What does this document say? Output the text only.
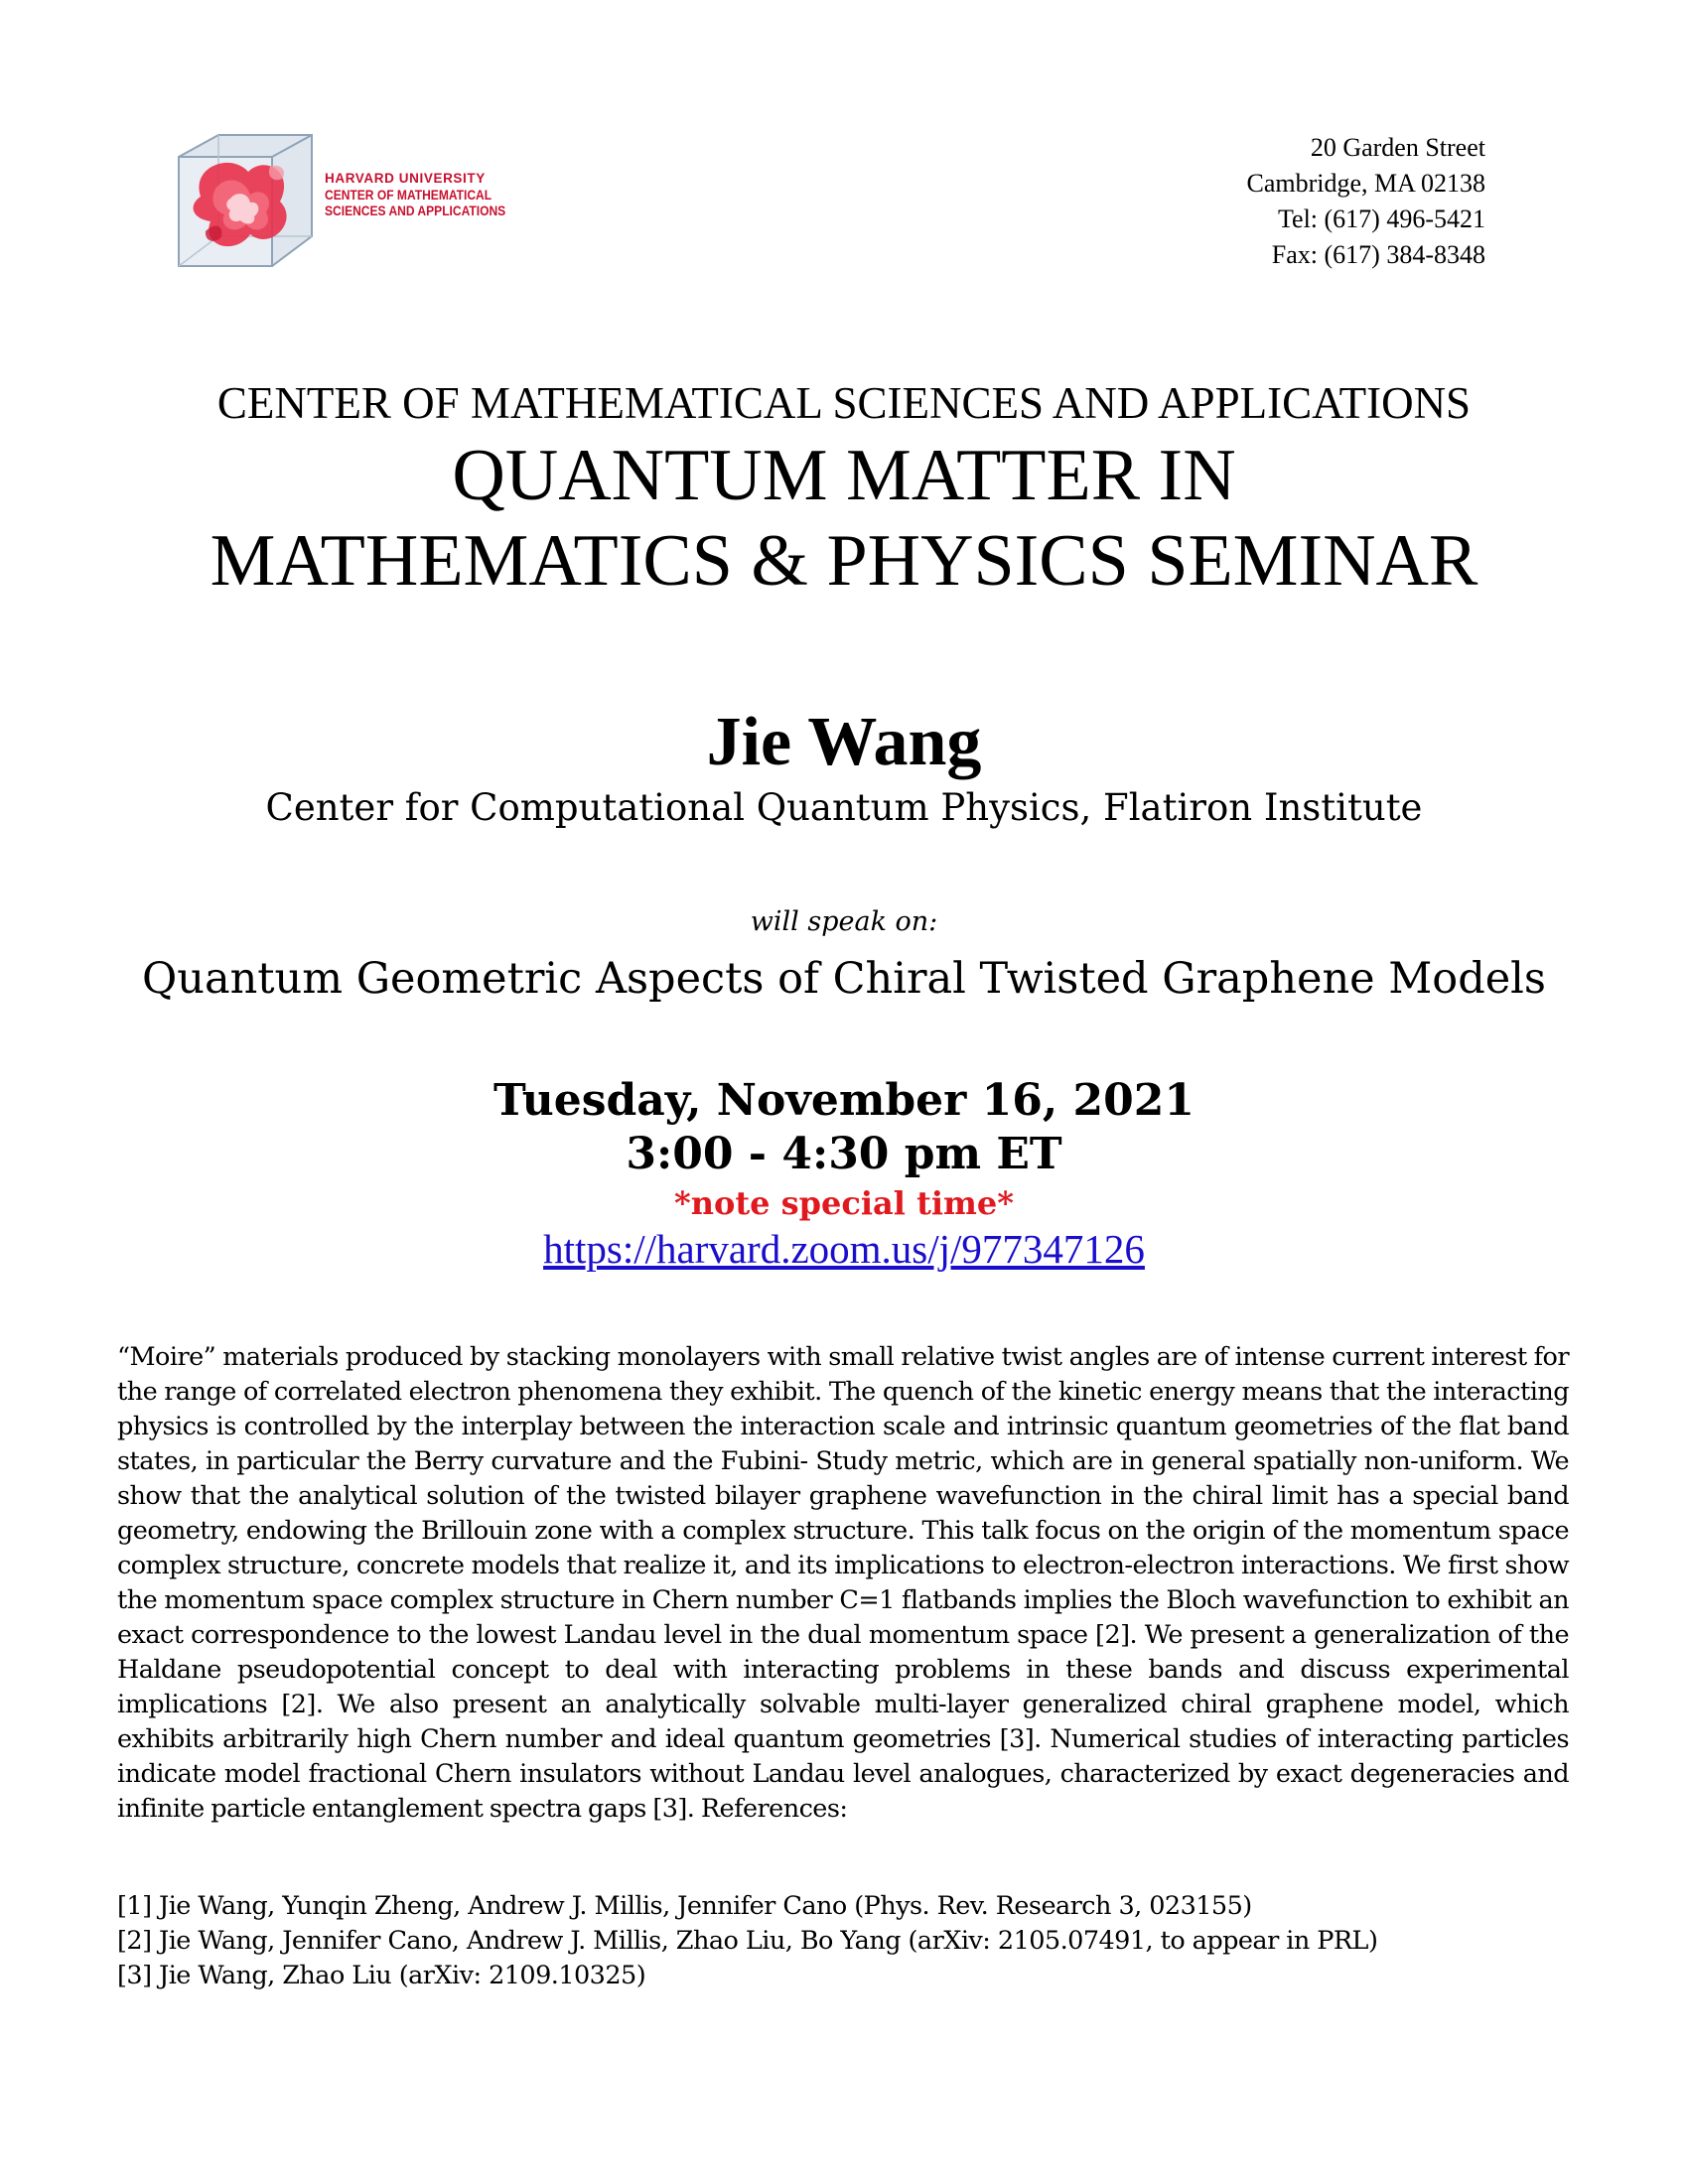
HARVARD UNIVERSITY
CENTER OF MATHEMATICAL
SCIENCES AND APPLICATIONS
20 Garden Street
Cambridge, MA 02138
Tel: (617) 496-5421
Fax: (617) 384-8348
CENTER OF MATHEMATICAL SCIENCES AND APPLICATIONS
QUANTUM MATTER IN
MATHEMATICS & PHYSICS SEMINAR
Jie Wang
Center for Computational Quantum Physics, Flatiron Institute
will speak on:
Quantum Geometric Aspects of Chiral Twisted Graphene Models
Tuesday, November 16, 2021
3:00 - 4:30 pm ET
*note special time*
https://harvard.zoom.us/j/977347126
“Moire” materials produced by stacking monolayers with small relative twist angles are of intense current interest for the range of correlated electron phenomena they exhibit. The quench of the kinetic energy means that the interacting physics is controlled by the interplay between the interaction scale and intrinsic quantum geometries of the flat band states, in particular the Berry curvature and the Fubini- Study metric, which are in general spatially non-uniform. We show that the analytical solution of the twisted bilayer graphene wavefunction in the chiral limit has a special band geometry, endowing the Brillouin zone with a complex structure. This talk focus on the origin of the momentum space complex structure, concrete models that realize it, and its implications to electron-electron interactions. We first show the momentum space complex structure in Chern number C=1 flatbands implies the Bloch wavefunction to exhibit an exact correspondence to the lowest Landau level in the dual momentum space [2]. We present a generalization of the Haldane pseudopotential concept to deal with interacting problems in these bands and discuss experimental implications [2]. We also present an analytically solvable multi-layer generalized chiral graphene model, which exhibits arbitrarily high Chern number and ideal quantum geometries [3]. Numerical studies of interacting particles indicate model fractional Chern insulators without Landau level analogues, characterized by exact degeneracies and infinite particle entanglement spectra gaps [3]. References:
[1] Jie Wang, Yunqin Zheng, Andrew J. Millis, Jennifer Cano (Phys. Rev. Research 3, 023155)
[2] Jie Wang, Jennifer Cano, Andrew J. Millis, Zhao Liu, Bo Yang (arXiv: 2105.07491, to appear in PRL)
[3] Jie Wang, Zhao Liu (arXiv: 2109.10325)
